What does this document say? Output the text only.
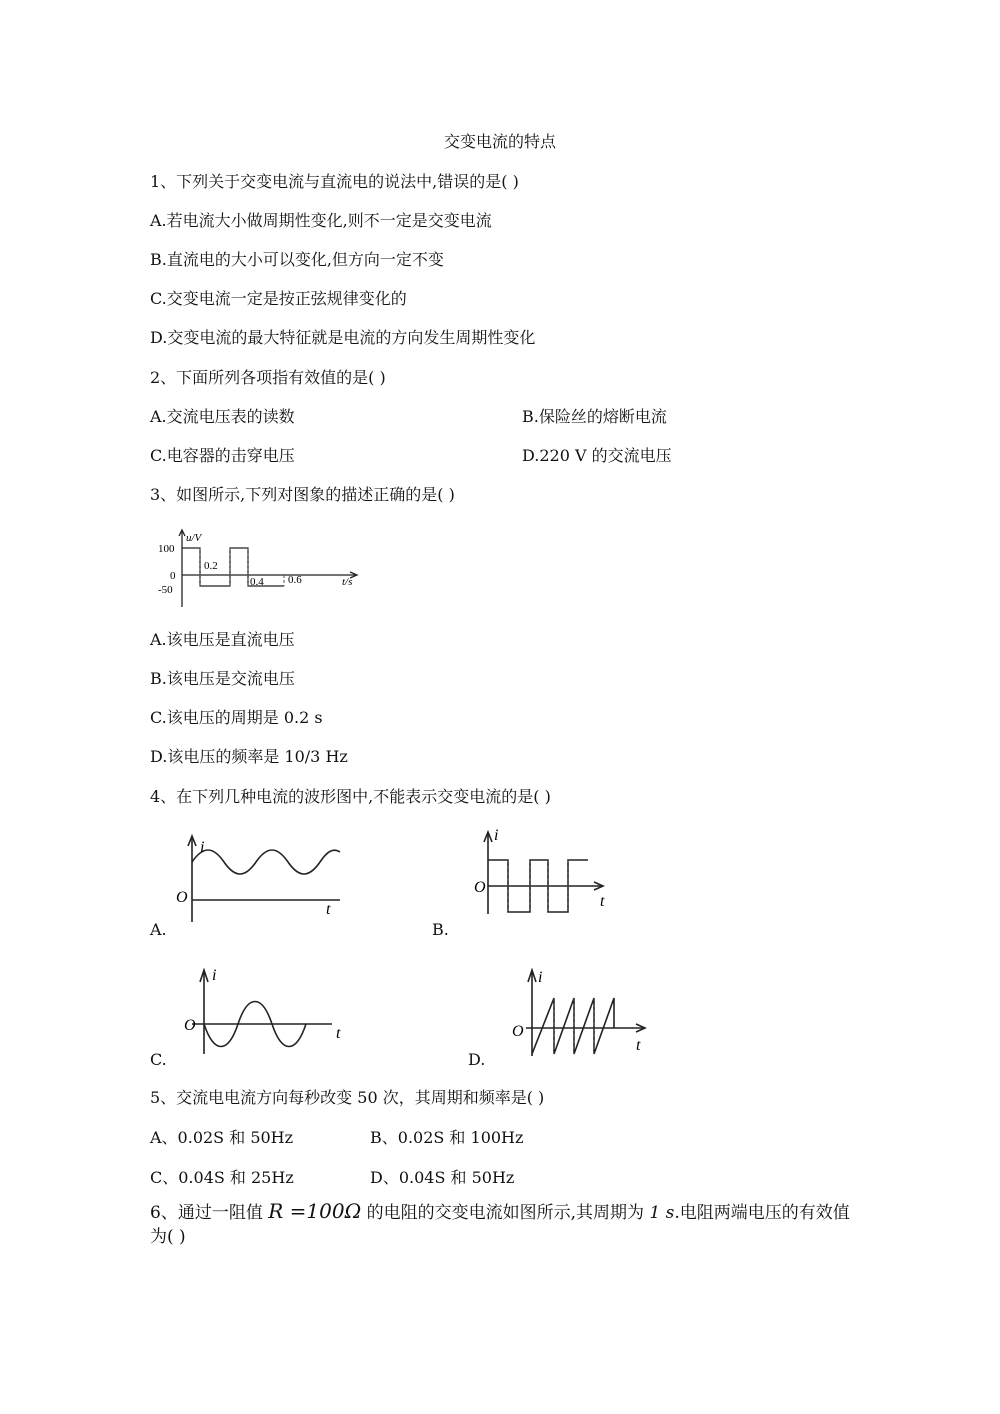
交变电流的特点
1、下列关于交变电流与直流电的说法中,错误的是( )
A.若电流大小做周期性变化,则不一定是交变电流
B.直流电的大小可以变化,但方向一定不变
C.交变电流一定是按正弦规律变化的
D.交变电流的最大特征就是电流的方向发生周期性变化
2、下面所列各项指有效值的是( )
A.交流电压表的读数	B.保险丝的熔断电流
C.电容器的击穿电压	D.220 V 的交流电压
3、如图所示,下列对图象的描述正确的是( )
u/V
100
0
-50
0.2
0.4 0.6	t/s
A.该电压是直流电压
B.该电压是交流电压
C.该电压的周期是 0.2 s
D.该电压的频率是 10/3 Hz
4、在下列几种电流的波形图中,不能表示交变电流的是( )
i
O
t
A.
i
O
t
B.
i
O	t
C.
i
O
t
D.
5、交流电电流方向每秒改变 50 次，其周期和频率是( )
A、0.02S 和 50Hz	B、0.02S 和 100Hz
C、0.04S 和 25Hz	D、0.04S 和 50Hz
6、通过一阻值 R =100Ω 的电阻的交变电流如图所示,其周期为 1 s.电阻两端电压的有效值
为( )
